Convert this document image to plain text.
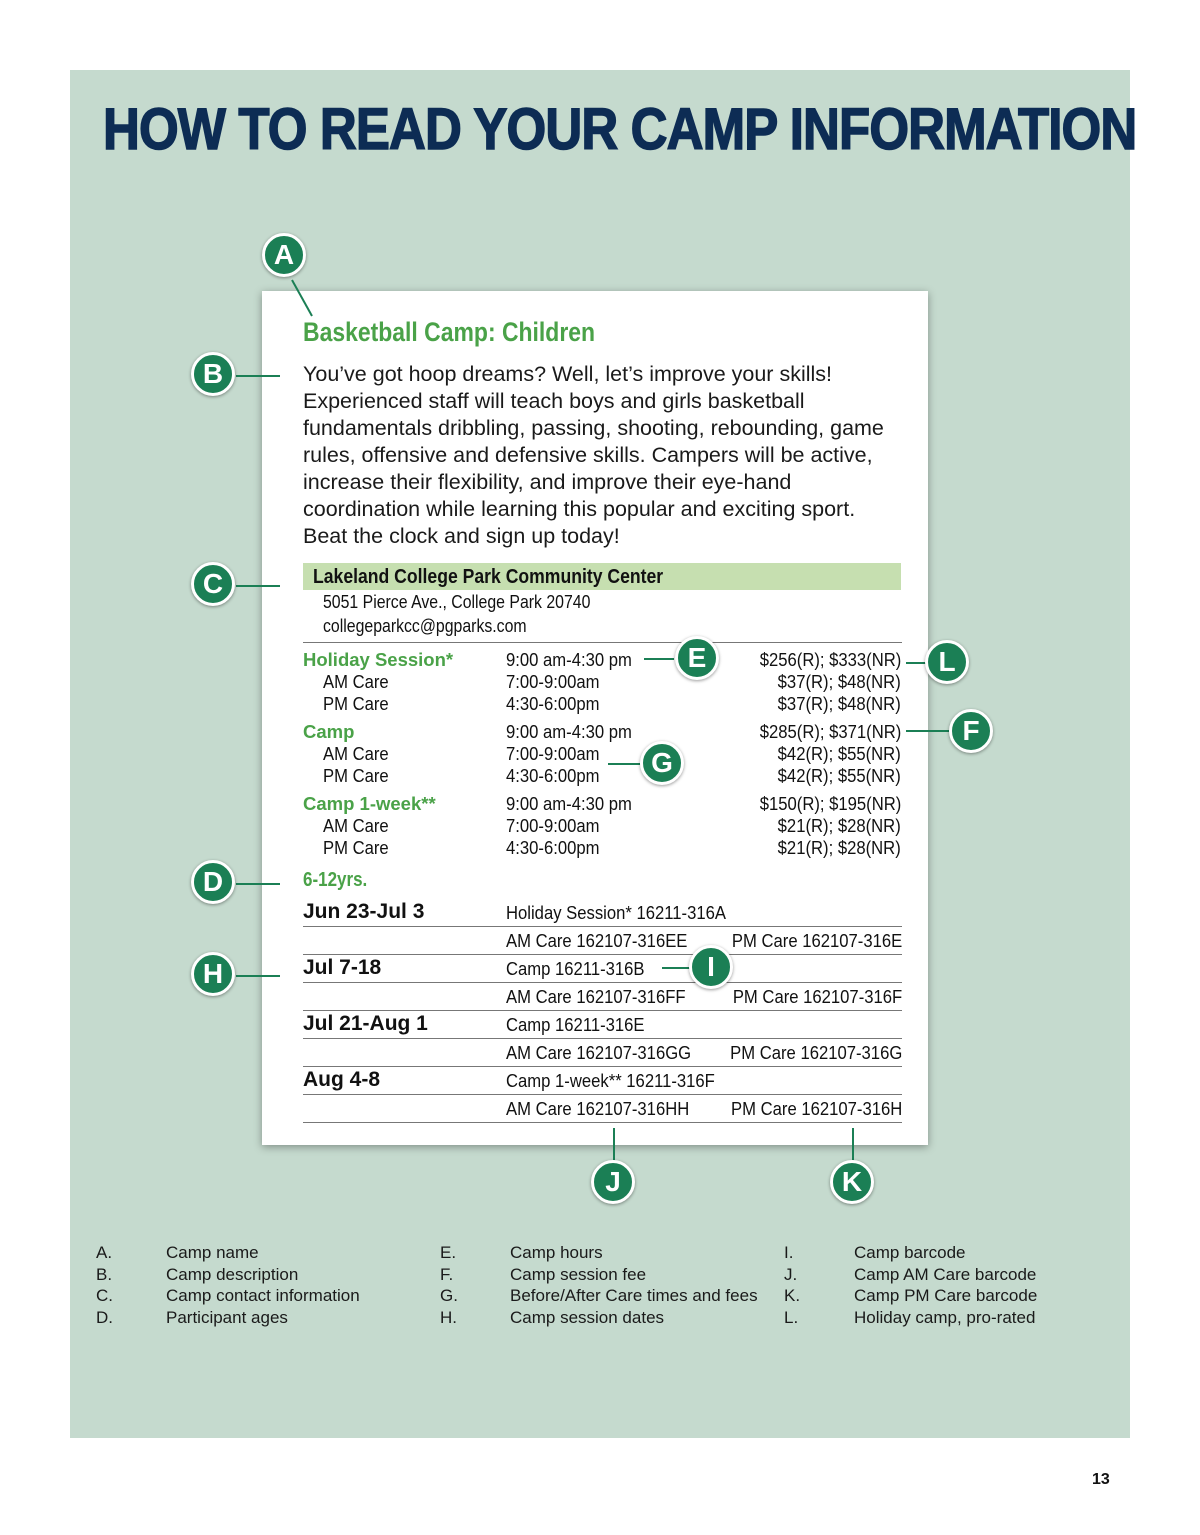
HOW TO READ YOUR CAMP INFORMATION
Basketball Camp: Children

You’ve got hoop dreams? Well, let’s improve your skills! Experienced staff will teach boys and girls basketball fundamentals dribbling, passing, shooting, rebounding, game rules, offensive and defensive skills. Campers will be active, increase their flexibility, and improve their eye-hand coordination while learning this popular and exciting sport. Beat the clock and sign up today!

Lakeland College Park Community Center
5051 Pierce Ave., College Park 20740
collegeparkcc@pgparks.com
Holiday Session*	9:00 am-4:30 pm	$256(R); $333(NR)
AM Care	7:00-9:00am	$37(R); $48(NR)
PM Care	4:30-6:00pm	$37(R); $48(NR)
Camp	9:00 am-4:30 pm	$285(R); $371(NR)
AM Care	7:00-9:00am	$42(R); $55(NR)
PM Care	4:30-6:00pm	$42(R); $55(NR)
Camp 1-week**	9:00 am-4:30 pm	$150(R); $195(NR)
AM Care	7:00-9:00am	$21(R); $28(NR)
PM Care	4:30-6:00pm	$21(R); $28(NR)
6-12yrs.
Jun 23-Jul 3	Holiday Session* 16211-316A
AM Care 162107-316EE PM Care 162107-316E
Jul 7-18	Camp 16211-316B
AM Care 162107-316FF	PM Care 162107-316F
Jul 21-Aug 1	Camp 16211-316E
AM Care 162107-316GG PM Care 162107-316G
Aug 4-8	Camp 1-week** 16211-316F
AM Care 162107-316HH PM Care 162107-316H
A
B
C
D
E
F
G
H	I
J	K
L
A.	Camp name
B.	Camp description
C.	Camp contact information
D.	Participant ages
E.	Camp hours
F.	Camp session fee
G.	Before/After Care times and fees
H.	Camp session dates
I.	Camp barcode
J.	Camp AM Care barcode
K.	Camp PM Care barcode
L.	Holiday camp, pro-rated
13
